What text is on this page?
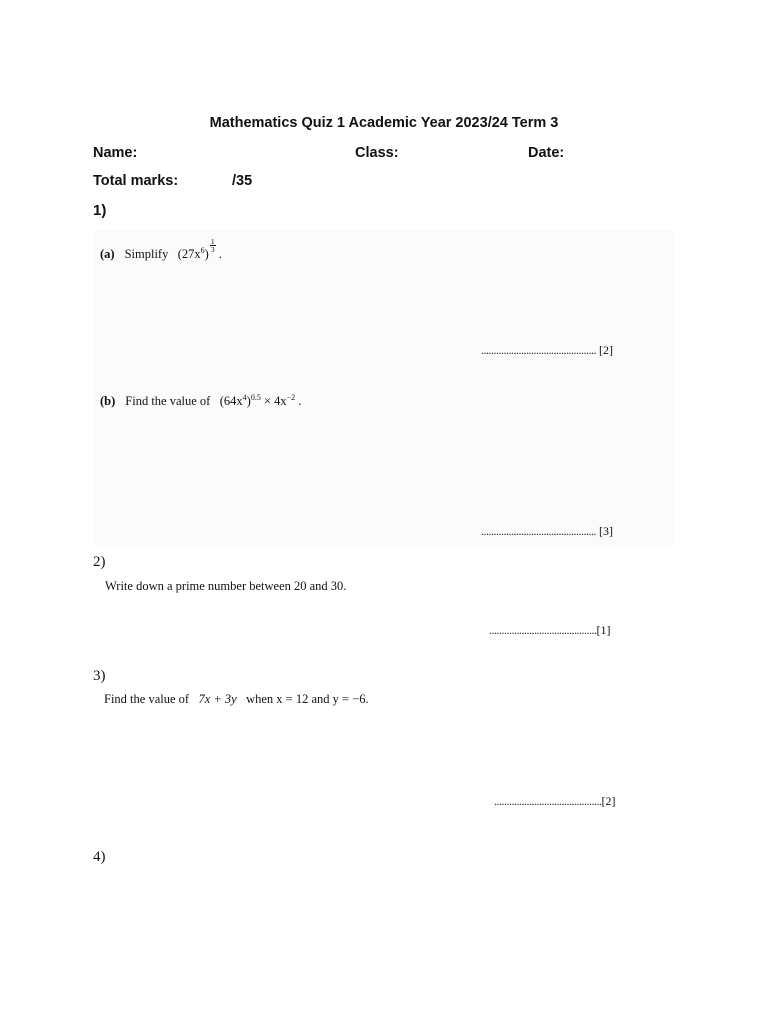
Mathematics Quiz 1 Academic Year 2023/24 Term 3
Name:	Class:	Date:
Total marks:	/35
1)
(a) Simplify $(27x^6)$
$\frac{1}{3}$
.
.............................................. [2]
(b) Find the value of $(64x^4)^{0.5} \times 4x^{-2}$ .
.............................................. [3]
2)
Write down a prime number between 20 and 30.
...........................................[1]
3)
Find the value of 7x + 3y when x = 12 and y = −6.
...........................................[2]
4)
